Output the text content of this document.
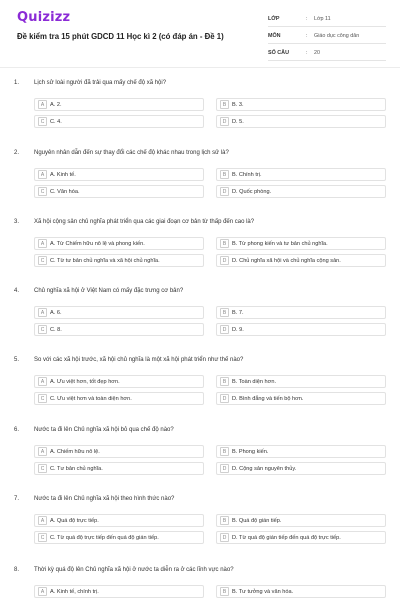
Quizizz
Đề kiểm tra 15 phút GDCD 11 Học kì 2 (có đáp án - Đề 1)
LỚP	:	Lớp 11
MÔN	:	Giáo dục công dân
SỐ CÂU	:	20
1. Lịch sử loài người đã trải qua mấy chế độ xã hội?
A	A. 2.	B	B. 3.
C	C. 4.	D	D. 5.
2. Nguyên nhân dẫn đến sự thay đổi các chế độ khác nhau trong lịch sử là?
A	A. Kinh tế.	B	B. Chính trị.
C	C. Văn hóa.	D	D. Quốc phòng.
3. Xã hội cộng sản chủ nghĩa phát triển qua các giai đoạn cơ bản từ thấp đến cao là?
A	A. Từ Chiếm hữu nô lệ và phong kiến.	B	B. Từ phong kiến và tư bản chủ nghĩa.
C	C. Từ tư bản chủ nghĩa và xã hội chủ nghĩa.	D	D. Chủ nghĩa xã hội và chủ nghĩa cộng sản.
4. Chủ nghĩa xã hội ở Việt Nam có mấy đặc trưng cơ bản?
A	A. 6.	B	B. 7.
C	C. 8.	D	D. 9.
5. So với các xã hội trước, xã hội chủ nghĩa là một xã hội phát triển như thế nào?
A	A. Ưu việt hơn, tốt đẹp hơn.	B	B. Toàn diện hơn.
C	C. Ưu việt hơn và toàn diện hơn.	D	D. Bình đẳng và tiến bộ hơn.
6. Nước ta đi lên Chủ nghĩa xã hội bỏ qua chế độ nào?
A	A. Chiếm hữu nô lệ.	B	B. Phong kiến.
C	C. Tư bản chủ nghĩa.	D	D. Cộng sản nguyên thủy.
7. Nước ta đi lên Chủ nghĩa xã hội theo hình thức nào?
A	A. Quá độ trực tiếp.	B	B. Quá độ gián tiếp.
C	C. Từ quá độ trực tiếp đến quá độ gián tiếp.	D	D. Từ quá độ gián tiếp đến quá độ trực tiếp.
8. Thời kỳ quá độ lên Chủ nghĩa xã hội ở nước ta diễn ra ở các lĩnh vực nào?
A	A. Kinh tế, chính trị.	B	B. Tư tưởng và văn hóa.
